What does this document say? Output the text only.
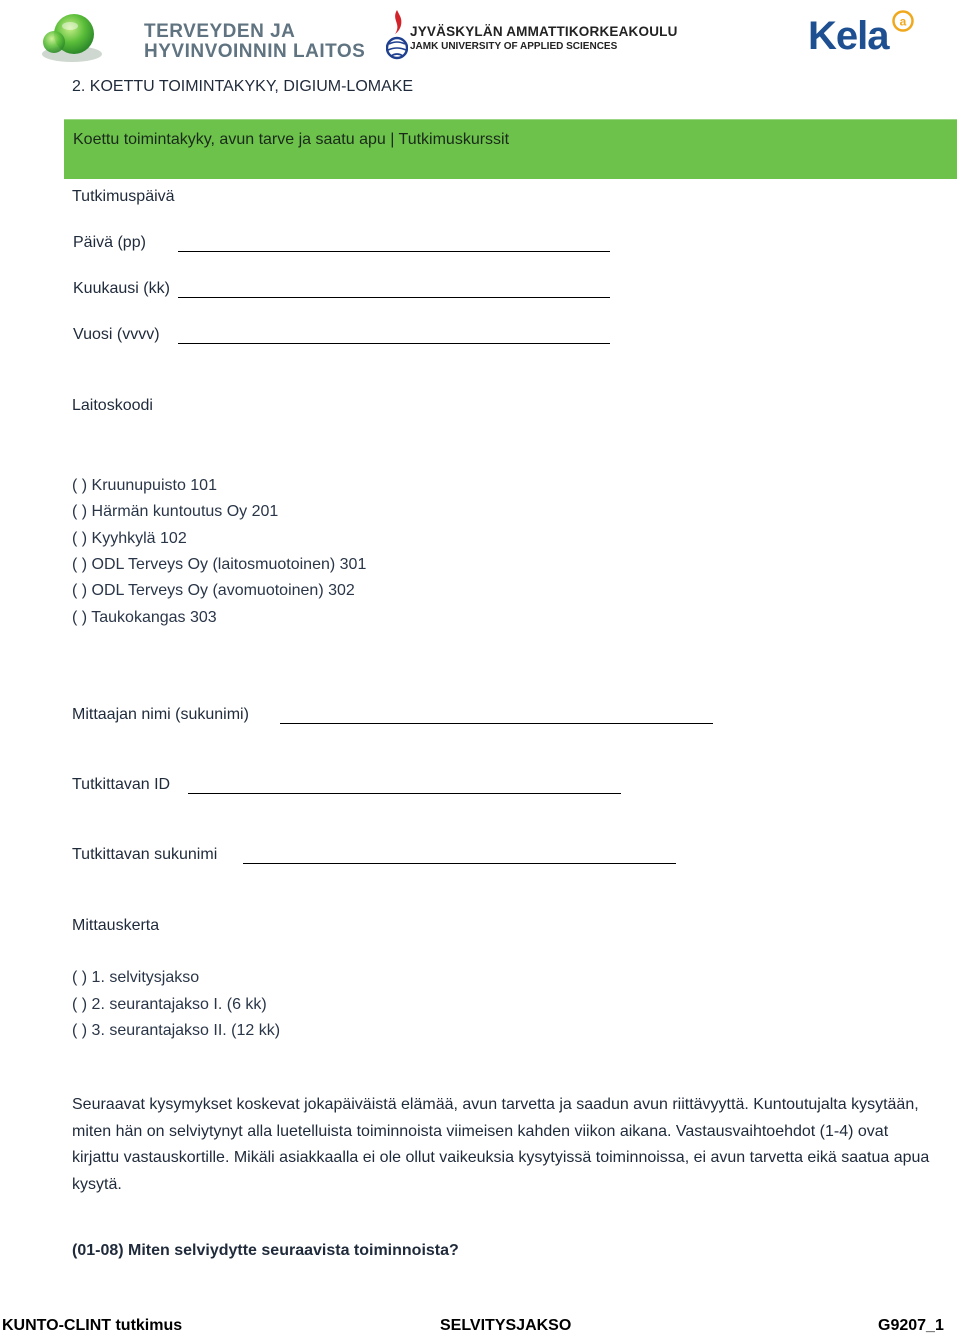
TERVEYDEN JA
HYVINVOINNIN LAITOS
JYVÄSKYLÄN AMMATTIKORKEAKOULU
JAMK UNIVERSITY OF APPLIED SCIENCES	Kela a
2. KOETTU TOIMINTAKYKY, DIGIUM-LOMAKE
Koettu toimintakyky, avun tarve ja saatu apu | Tutkimuskurssit
Tutkimuspäivä
Päivä (pp)
Kuukausi (kk)
Vuosi (vvvv)
Laitoskoodi
( ) Kruunupuisto 101
( ) Härmän kuntoutus Oy 201
( ) Kyyhkylä 102
( ) ODL Terveys Oy (laitosmuotoinen) 301
( ) ODL Terveys Oy (avomuotoinen) 302
( ) Taukokangas 303
Mittaajan nimi (sukunimi)
Tutkittavan ID
Tutkittavan sukunimi
Mittauskerta
( ) 1. selvitysjakso
( ) 2. seurantajakso I. (6 kk)
( ) 3. seurantajakso II. (12 kk)
Seuraavat kysymykset koskevat jokapäiväistä elämää, avun tarvetta ja saadun avun riittävyyttä. Kuntoutujalta kysytään, miten hän on selviytynyt alla luetelluista toiminnoista viimeisen kahden viikon aikana. Vastausvaihtoehdot (1-4) ovat kirjattu vastauskortille. Mikäli asiakkaalla ei ole ollut vaikeuksia kysytyissä toiminnoissa, ei avun tarvetta eikä saatua apua kysytä.
(01-08) Miten selviydytte seuraavista toiminnoista?
KUNTO-CLINT tutkimus	SELVITYSJAKSO	G9207_1
